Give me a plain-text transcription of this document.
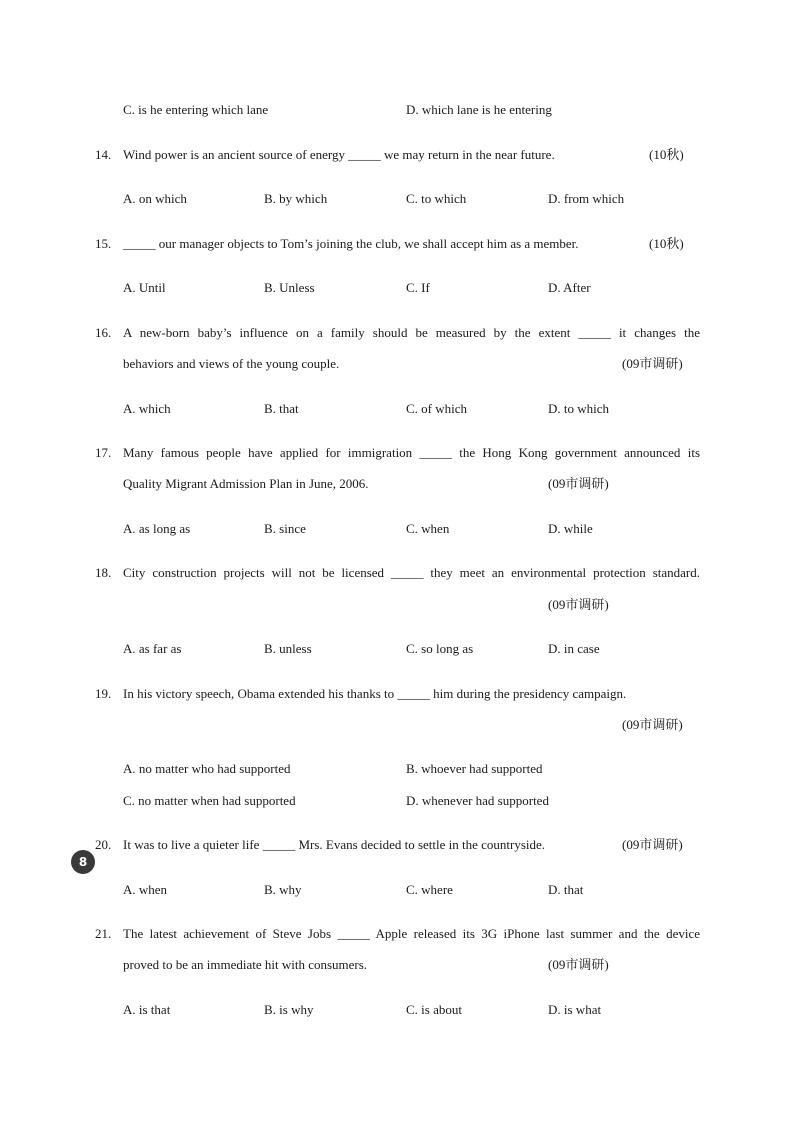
C. is he entering which lane	D. which lane is he entering
14. Wind power is an ancient source of energy _____ we may return in the near future.	(10秋)
A. on which	B. by which	C. to which	D. from which
15. _____ our manager objects to Tom’s joining the club, we shall accept him as a member.	(10秋)
A. Until	B. Unless	C. If	D. After
16. A new-born baby’s influence on a family should be measured by the extent _____ it changes the
behaviors and views of the young couple.	(09市调研)
A. which	B. that	C. of which	D. to which
17. Many famous people have applied for immigration _____ the Hong Kong government announced its
Quality Migrant Admission Plan in June, 2006.	(09市调研)
A. as long as	B. since	C. when	D. while
18. City construction projects will not be licensed _____ they meet an environmental protection standard.
(09市调研)
A. as far as	B. unless	C. so long as	D. in case
19. In his victory speech, Obama extended his thanks to _____ him during the presidency campaign.
(09市调研)
A. no matter who had supported	B. whoever had supported
C. no matter when had supported	D. whenever had supported
20. It was to live a quieter life _____ Mrs. Evans decided to settle in the countryside.	(09市调研)
A. when	B. why	C. where	D. that
21. The latest achievement of Steve Jobs _____ Apple released its 3G iPhone last summer and the device
proved to be an immediate hit with consumers.	(09市调研)
A. is that	B. is why	C. is about	D. is what
8
